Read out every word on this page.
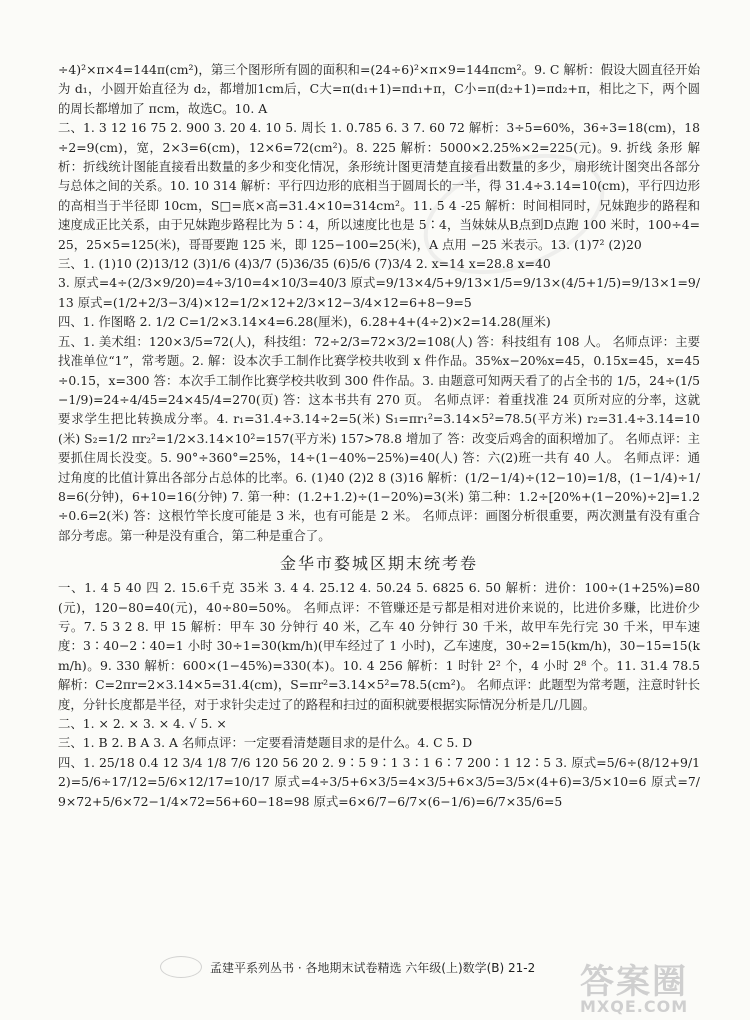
÷4)²×π×4=144π(cm²)，第三个图形所有圆的面积和=(24÷6)²×π×9=144πcm²。9. C 解析：假设大圆直径开始为 d₁，小圆开始直径为 d₂，都增加1cm后，C大=π(d₁+1)=πd₁+π，C小=π(d₂+1)=πd₂+π，相比之下，两个圆的周长都增加了 πcm，故选C。10. A
二、1. 3 12 16 75 2. 900 3. 20 4. 10 5. 周长 1. 0.785 6. 3 7. 60 72 解析：3÷5=60%，36÷3=18(cm)，18÷2=9(cm)，宽，2×3=6(cm)，12×6=72(cm²)。8. 225 解析：5000×2.25%×2=225(元)。9. 折线 条形 解析：折线统计图能直接看出数量的多少和变化情况，条形统计图更清楚直接看出数量的多少，扇形统计图突出各部分与总体之间的关系。10. 10 314 解析：平行四边形的底相当于圆周长的一半，得 31.4÷3.14=10(cm)，平行四边形的高相当于半径即 10cm，S□=底×高=31.4×10=314cm²。11. 5 4 -25 解析：时间相同时，兄妹跑步的路程和速度成正比关系，由于兄妹跑步路程比为 5∶4，所以速度比也是 5∶4，当妹妹从B点到D点跑 100 米时，100÷4=25，25×5=125(米)，哥哥要跑 125 米，即 125−100=25(米)，A 点用 −25 米表示。13. (1)7² (2)20
三、1. (1)10 (2)13/12 (3)1/6 (4)3/7 (5)36/35 (6)5/6 (7)3/4 2. x=14 x=28.8 x=40
3. 原式=4÷(2/3×9/20)=4÷3/10=4×10/3=40/3 原式=9/13×4/5+9/13×1/5=9/13×(4/5+1/5)=9/13×1=9/13 原式=(1/2+2/3−3/4)×12=1/2×12+2/3×12−3/4×12=6+8−9=5
四、1. 作图略 2. 1/2 C=1/2×3.14×4=6.28(厘米)，6.28+4+(4÷2)×2=14.28(厘米)
五、1. 美术组：120×3/5=72(人)，科技组：72÷2/3=72×3/2=108(人) 答：科技组有 108 人。 名师点评：主要找准单位“1”，常考题。2. 解：设本次手工制作比赛学校共收到 x 件作品。35%x−20%x=45，0.15x=45，x=45÷0.15，x=300 答：本次手工制作比赛学校共收到 300 件作品。3. 由题意可知两天看了的占全书的 1/5，24÷(1/5−1/9)=24÷4/45=24×45/4=270(页) 答：这本书共有 270 页。 名师点评：着重找准 24 页所对应的分率，这就要求学生把比转换成分率。4. r₁=31.4÷3.14÷2=5(米) S₁=πr₁²=3.14×5²=78.5(平方米) r₂=31.4÷3.14=10(米) S₂=1/2 πr₂²=1/2×3.14×10²=157(平方米) 157>78.8 增加了 答：改变后鸡舍的面积增加了。 名师点评：主要抓住周长没变。5. 90°÷360°=25%，14÷(1−40%−25%)=40(人) 答：六(2)班一共有 40 人。 名师点评：通过角度的比值计算出各部分占总体的比率。6. (1)40 (2)2 8 (3)16 解析：(1/2−1/4)÷(12−10)=1/8，(1−1/4)÷1/8=6(分钟)，6+10=16(分钟) 7. 第一种：(1.2+1.2)÷(1−20%)=3(米) 第二种：1.2÷[20%+(1−20%)÷2]=1.2÷0.6=2(米) 答：这根竹竿长度可能是 3 米，也有可能是 2 米。 名师点评：画图分析很重要，两次测量有没有重合部分考虑。第一种是没有重合，第二种是重合了。
金华市婺城区期末统考卷
一、1. 4 5 40 四 2. 15.6千克 35米 3. 4 4. 25.12 4. 50.24 5. 6825 6. 50 解析：进价：100÷(1+25%)=80(元)，120−80=40(元)，40÷80=50%。 名师点评：不管赚还是亏都是相对进价来说的，比进价多赚，比进价少亏。7. 5 3 2 8. 甲 15 解析：甲车 30 分钟行 40 米，乙车 40 分钟行 30 千米，故甲车先行完 30 千米，甲车速度：3∶40−2∶40=1 小时 30÷1=30(km/h)(甲车经过了 1 小时)，乙车速度，30÷2=15(km/h)，30−15=15(km/h)。9. 330 解析：600×(1−45%)=330(本)。10. 4 256 解析：1 时针 2² 个，4 小时 2⁸ 个。11. 31.4 78.5 解析：C=2πr=2×3.14×5=31.4(cm)，S=πr²=3.14×5²=78.5(cm²)。 名师点评：此题型为常考题，注意时针长度，分针长度都是半径，对于求针尖走过了的路程和扫过的面积就要根据实际情况分析是几/几圆。
二、1. × 2. × 3. × 4. √ 5. ×
三、1. B 2. B A 3. A 名师点评：一定要看清楚题目求的是什么。4. C 5. D
四、1. 25/18 0.4 12 3/4 1/8 7/6 120 56 20 2. 9∶5 9∶1 3∶1 6∶7 200∶1 12∶5 3. 原式=5/6÷(8/12+9/12)=5/6÷17/12=5/6×12/17=10/17 原式=4÷3/5+6×3/5=4×3/5+6×3/5=3/5×(4+6)=3/5×10=6 原式=7/9×72+5/6×72−1/4×72=56+60−18=98 原式=6×6/7−6/7×(6−1/6)=6/7×35/6=5
孟建平系列丛书 · 各地期末试卷精选 六年级(上)数学(B) 21-2 答案圈
MXQE.COM
